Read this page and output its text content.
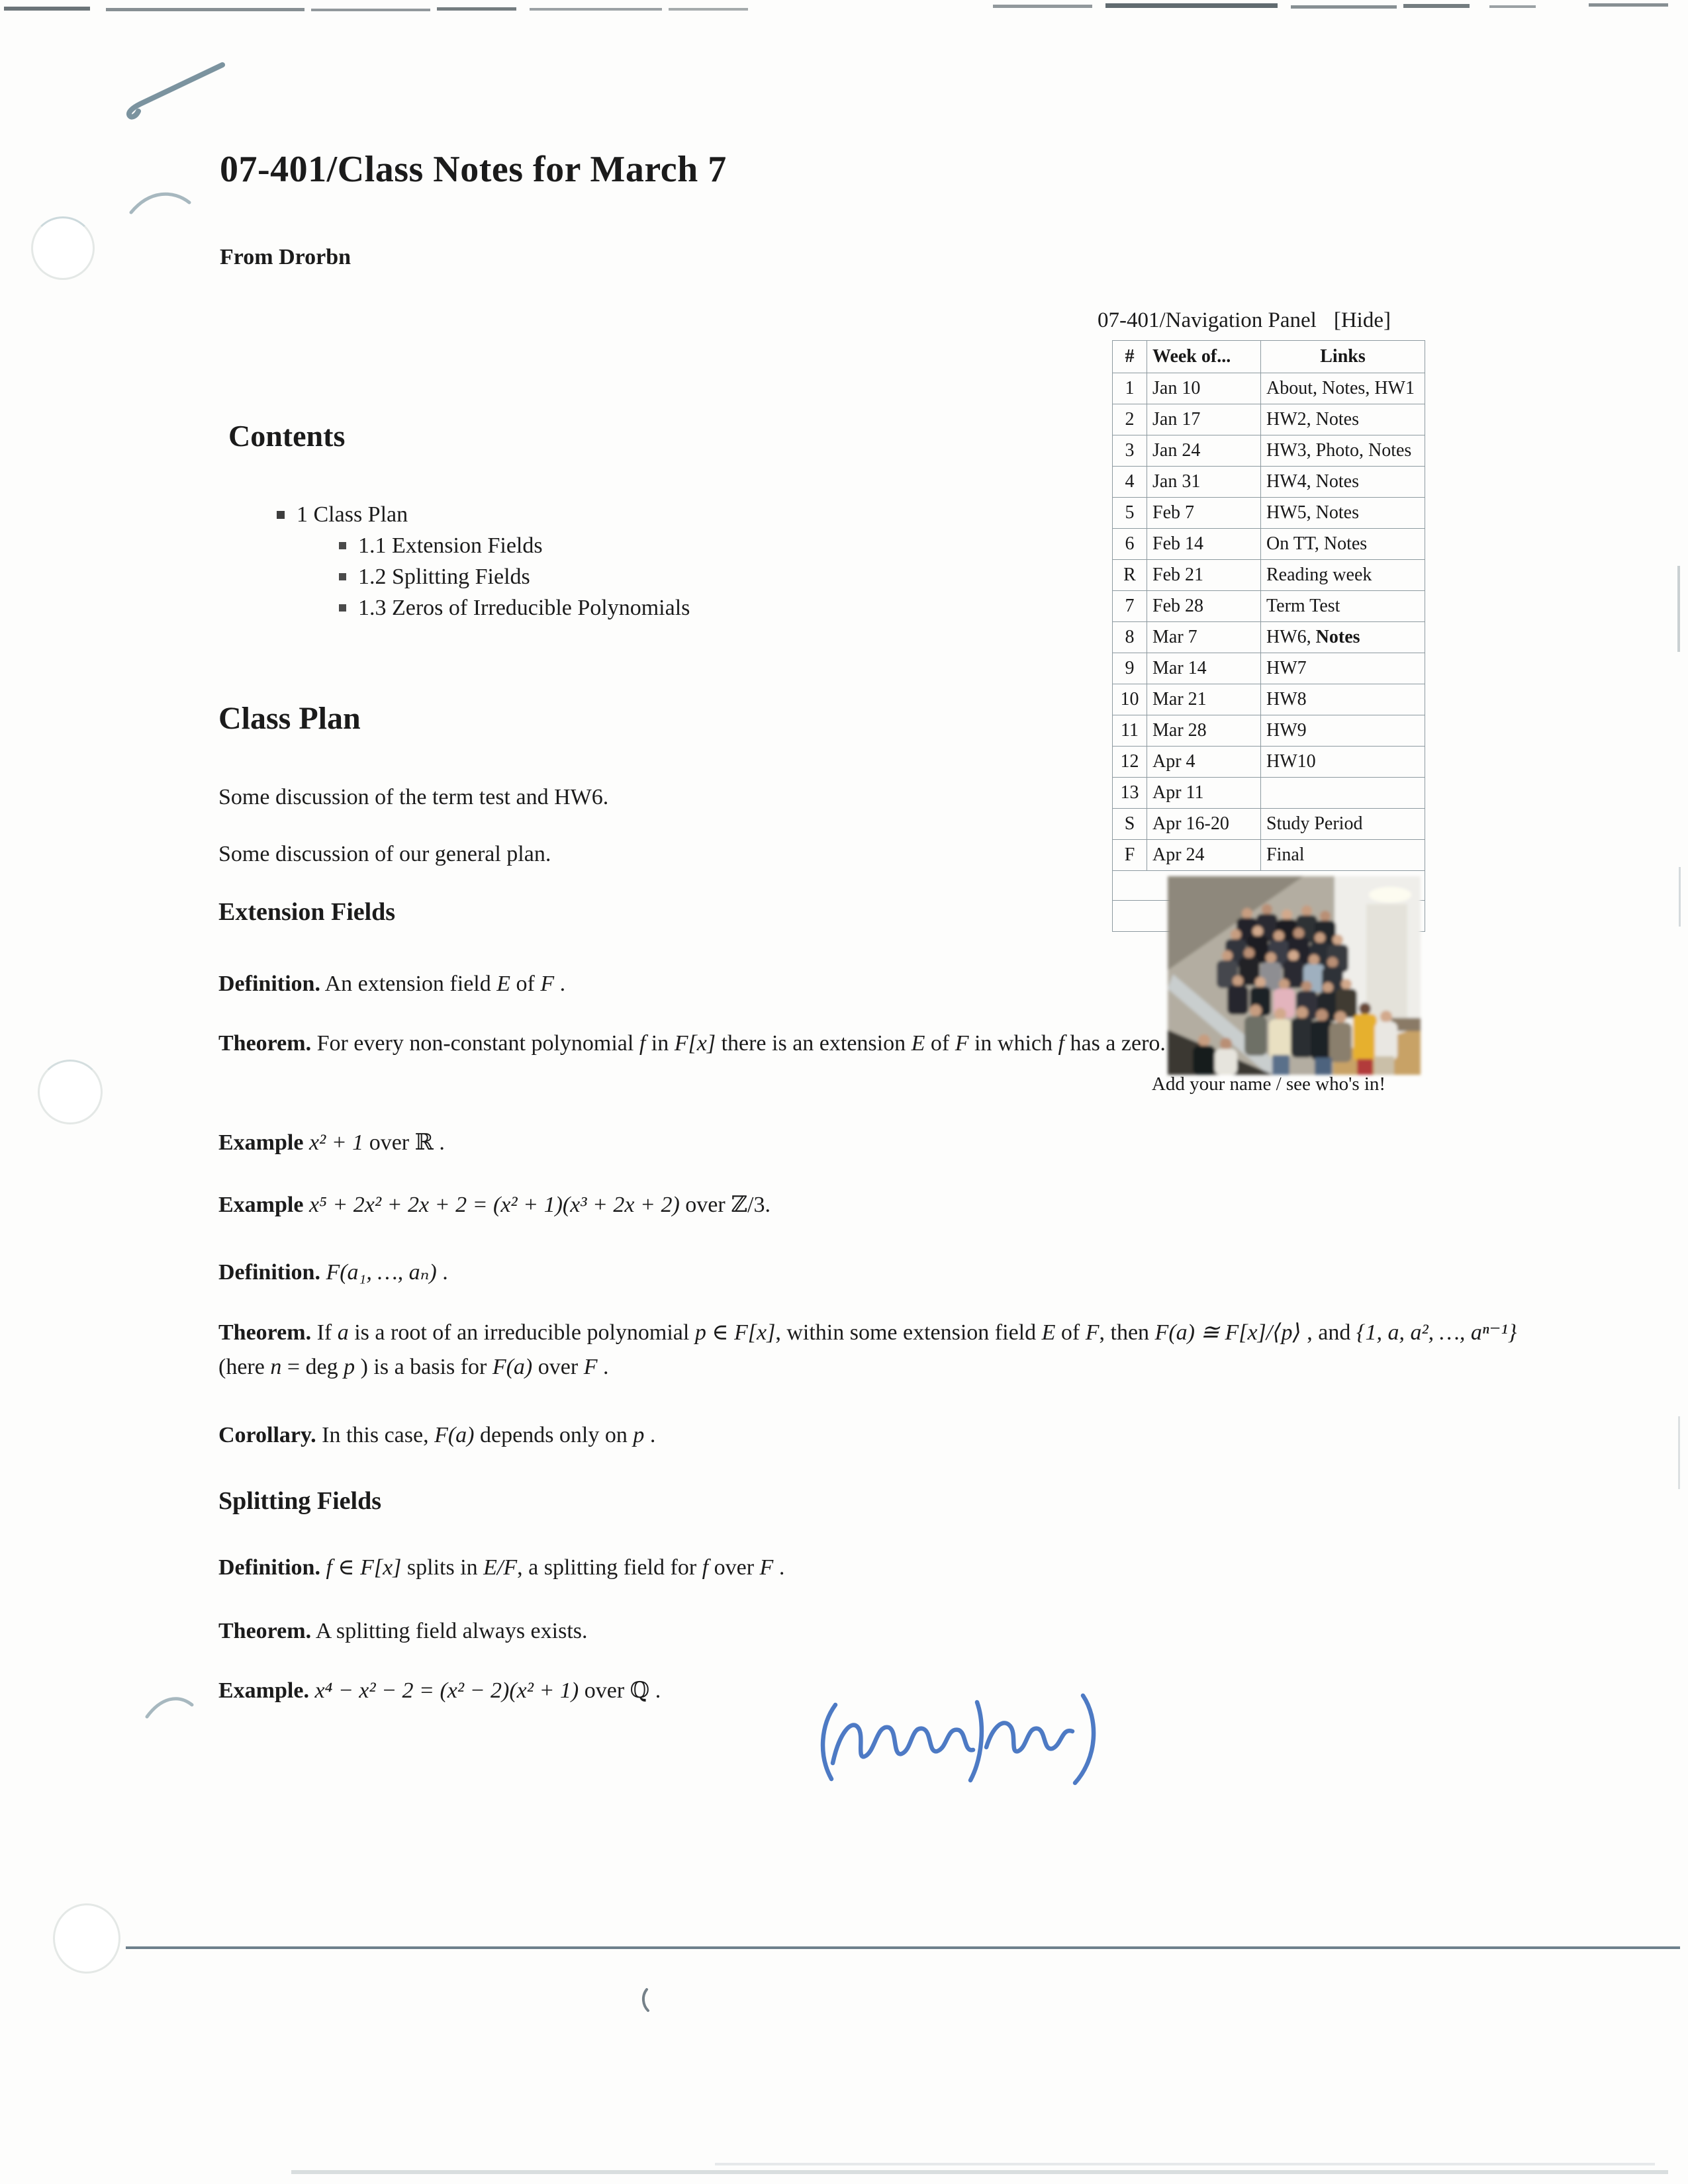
07-401/Class Notes for March 7
From Drorbn
Contents
1 Class Plan
1.1 Extension Fields
1.2 Splitting Fields
1.3 Zeros of Irreducible Polynomials
Class Plan
Some discussion of the term test and HW6.
Some discussion of our general plan.
Extension Fields
Definition. An extension field E of F .
Theorem. For every non-constant polynomial f in F[x] there is an extension E of F in which f has a zero.
Example x² + 1 over ℝ .
Example x⁵ + 2x² + 2x + 2 = (x² + 1)(x³ + 2x + 2) over ℤ/3.
Definition. F(a₁, …, aₙ) .
Theorem. If a is a root of an irreducible polynomial p ∈ F[x], within some extension field E of F, then F(a) ≅ F[x]/⟨p⟩ , and {1, a, a², …, aⁿ⁻¹} (here n = deg p ) is a basis for F(a) over F .
Corollary. In this case, F(a) depends only on p .
Splitting Fields
Definition. f ∈ F[x] splits in E/F, a splitting field for f over F .
Theorem. A splitting field always exists.
Example. x⁴ − x² − 2 = (x² − 2)(x² + 1) over ℚ .
07-401/Navigation Panel [Hide]
#	Week of...	Links
1	Jan 10	About, Notes, HW1
2	Jan 17	HW2, Notes
3	Jan 24	HW3, Photo, Notes
4	Jan 31	HW4, Notes
5	Feb 7	HW5, Notes
6	Feb 14	On TT, Notes
R	Feb 21	Reading week
7	Feb 28	Term Test
8	Mar 7	HW6, Notes
9	Mar 14	HW7
10	Mar 21	HW8
11	Mar 28	HW9
12	Apr 4	HW10
13	Apr 11	
S	Apr 16-20	Study Period
F	Apr 24	Final

Add your name / see who's in!		
